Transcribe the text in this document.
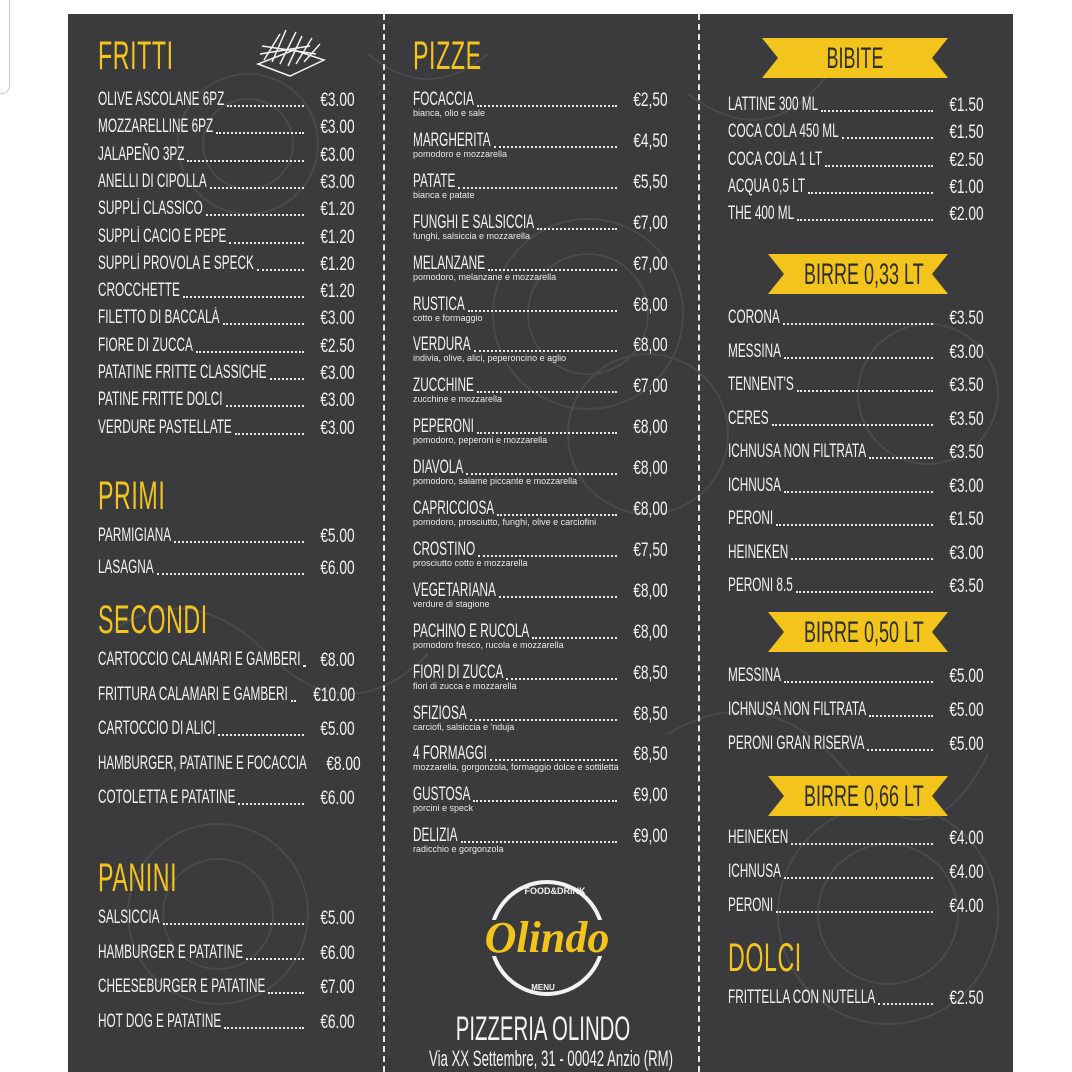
FRITTI
OLIVE ASCOLANE 6PZ	€3.00
MOZZARELLINE 6PZ	€3.00
JALAPEÑO 3PZ	€3.00
ANELLI DI CIPOLLA	€3.00
SUPPLÌ CLASSICO	€1.20
SUPPLÌ CACIO E PEPE	€1.20
SUPPLÌ PROVOLA E SPECK	€1.20
CROCCHETTE	€1.20
FILETTO DI BACCALÀ	€3.00
FIORE DI ZUCCA	€2.50
PATATINE FRITTE CLASSICHE	€3.00
PATINE FRITTE DOLCI	€3.00
VERDURE PASTELLATE	€3.00
PRIMI
PARMIGIANA	€5.00
LASAGNA	€6.00
SECONDI
CARTOCCIO CALAMARI E GAMBERI €8.00
FRITTURA CALAMARI E GAMBERI €10.00
CARTOCCIO DI ALICI	€5.00
HAMBURGER, PATATINE E FOCACCIA €8.00
COTOLETTA E PATATINE	€6.00
PANINI
SALSICCIA	€5.00
HAMBURGER E PATATINE	€6.00
CHEESEBURGER E PATATINE	€7.00
HOT DOG E PATATINE	€6.00
PIZZE
FOCACCIA	€2,50
bianca, olio e sale
MARGHERITA	€4,50
pomodoro e mozzarella
PATATE	€5,50
bianca e patate
FUNGHI E SALSICCIA	€7,00
funghi, salsiccia e mozzarella
MELANZANE	€7,00
pomodoro, melanzane e mozzarella
RUSTICA	€8,00
cotto e formaggio
VERDURA	€8,00
indivia, olive, alici, peperoncino e aglio
ZUCCHINE	€7,00
zucchine e mozzarella
PEPERONI	€8,00
pomodoro, peperoni e mozzarella
DIAVOLA	€8,00
pomodoro, salame piccante e mozzarella
CAPRICCIOSA	€8,00
pomodoro, prosciutto, funghi, olive e carciofini
CROSTINO	€7,50
prosciutto cotto e mozzarella
VEGETARIANA	€8,00
verdure di stagione
PACHINO E RUCOLA	€8,00
pomodoro fresco, rucola e mozzarella
FIORI DI ZUCCA	€8,50
fiori di zucca e mozzarella
SFIZIOSA	€8,50
carciofi, salsiccia e 'nduja
4 FORMAGGI	€8,50
mozzarella, gorgonzola, formaggio dolce e sottiletta
GUSTOSA	€9,00
porcini e speck
DELIZIA	€9,00
radicchio e gorgonzola
FOOD&DRINK
Olindo
MENU
PIZZERIA OLINDO
Via XX Settembre, 31 - 00042 Anzio (RM)
BIBITE
LATTINE 300 ML	€1.50
COCA COLA 450 ML	€1.50
COCA COLA 1 LT	€2.50
ACQUA 0,5 LT	€1.00
THE 400 ML	€2.00
BIRRE 0,33 LT
CORONA	€3.50
MESSINA	€3.00
TENNENT'S	€3.50
CERES	€3.50
ICHNUSA NON FILTRATA	€3.50
ICHNUSA	€3.00
PERONI	€1.50
HEINEKEN	€3.00
PERONI 8.5	€3.50
BIRRE 0,50 LT
MESSINA	€5.00
ICHNUSA NON FILTRATA	€5.00
PERONI GRAN RISERVA	€5.00
BIRRE 0,66 LT
HEINEKEN	€4.00
ICHNUSA	€4.00
PERONI	€4.00
DOLCI
FRITTELLA CON NUTELLA	€2.50
